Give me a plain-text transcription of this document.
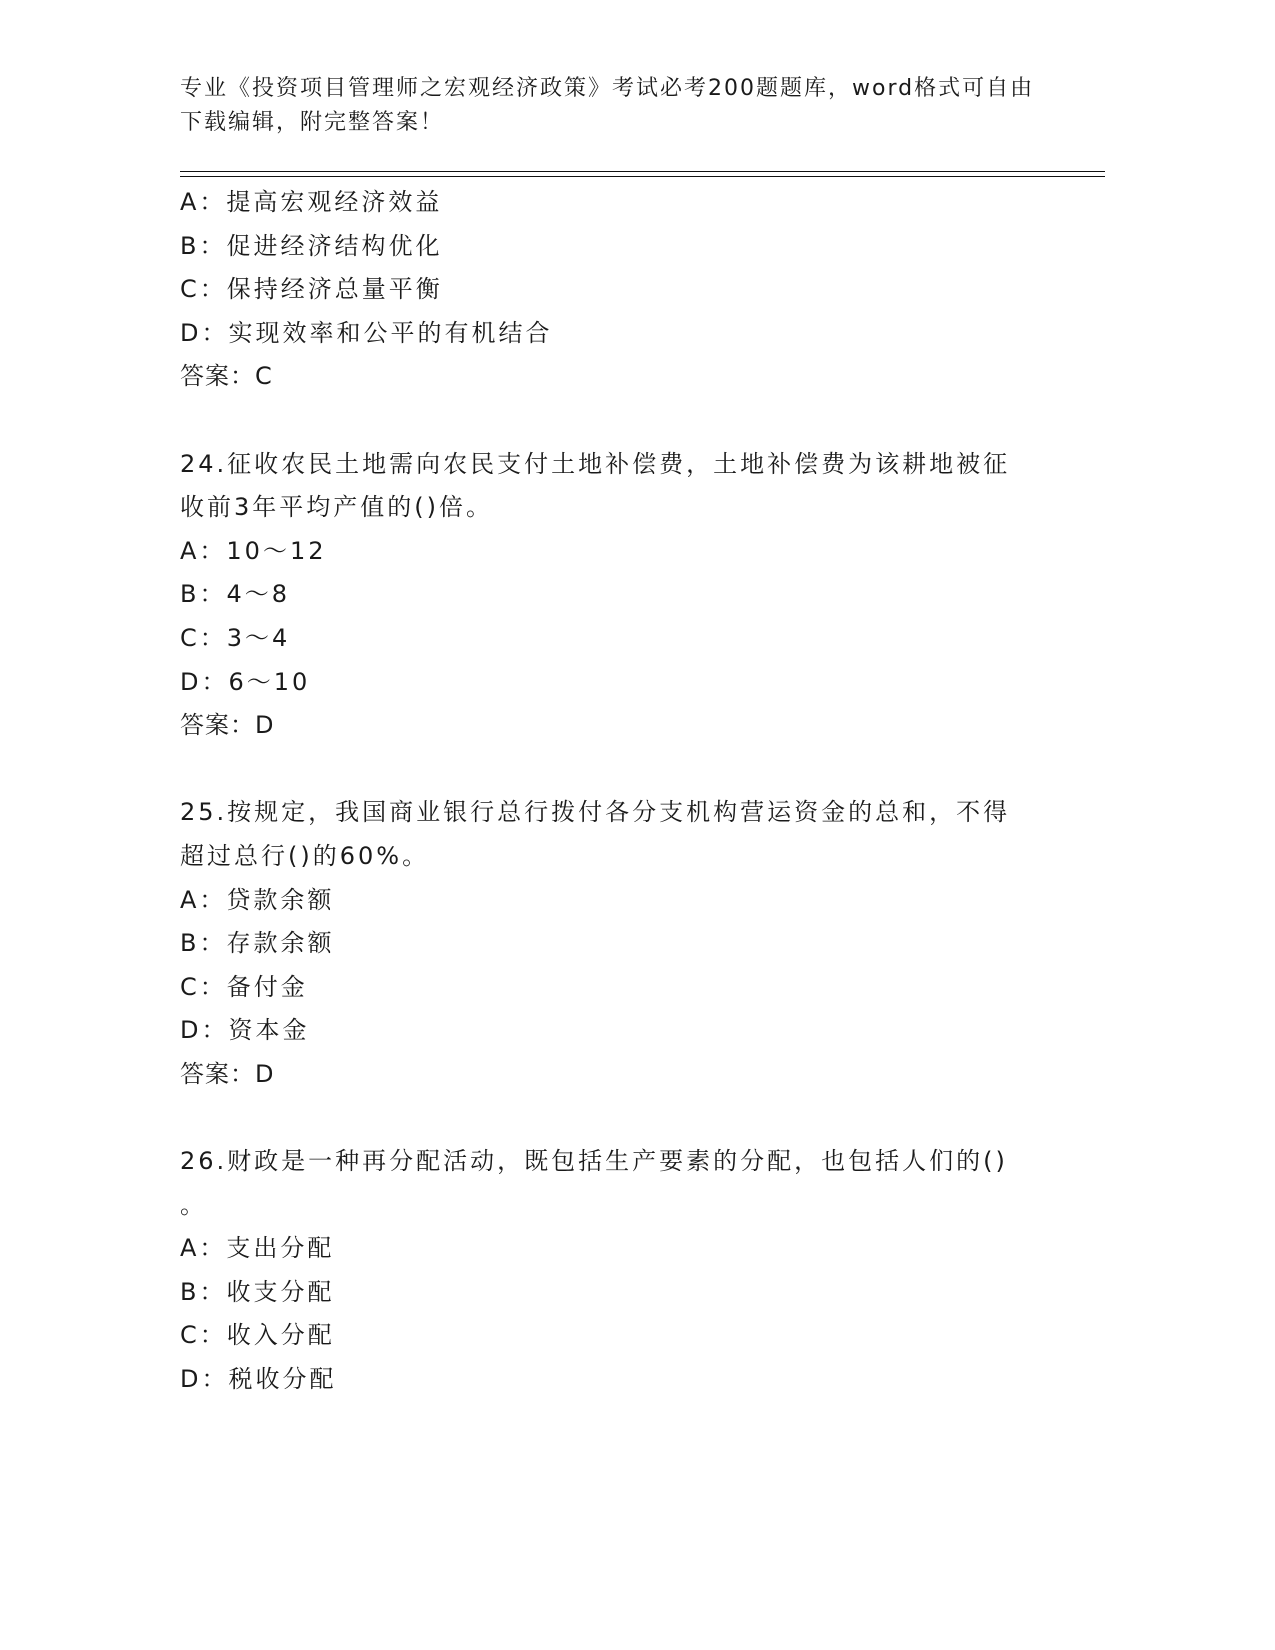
专业《投资项目管理师之宏观经济政策》考试必考200题题库，word格式可自由
下载编辑，附完整答案！
A：提高宏观经济效益
B：促进经济结构优化
C：保持经济总量平衡
D：实现效率和公平的有机结合
答案：C
24.征收农民土地需向农民支付土地补偿费，土地补偿费为该耕地被征
收前3年平均产值的()倍。
A：10～12
B：4～8
C：3～4
D：6～10
答案：D
25.按规定，我国商业银行总行拨付各分支机构营运资金的总和，不得
超过总行()的60%。
A：贷款余额
B：存款余额
C：备付金
D：资本金
答案：D
26.财政是一种再分配活动，既包括生产要素的分配，也包括人们的()
。
A：支出分配
B：收支分配
C：收入分配
D：税收分配
